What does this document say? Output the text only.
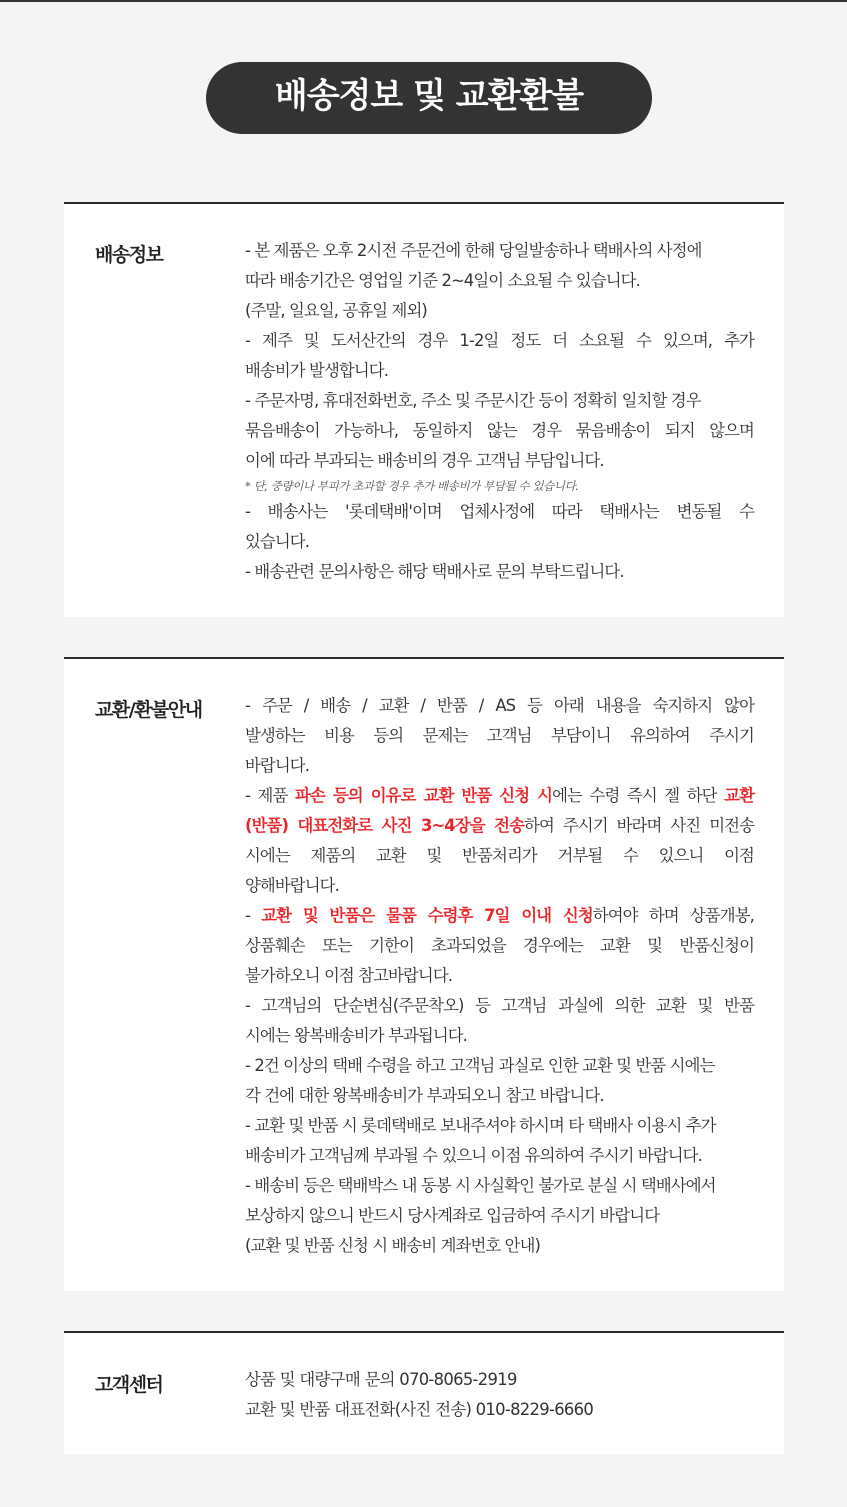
배송정보 및 교환환불
배송정보	- 본 제품은 오후 2시전 주문건에 한해 당일발송하나 택배사의 사정에
따라 배송기간은 영업일 기준 2~4일이 소요될 수 있습니다.
(주말, 일요일, 공휴일 제외)
- 제주 및 도서산간의 경우 1-2일 정도 더 소요될 수 있으며, 추가
배송비가 발생합니다.
- 주문자명, 휴대전화번호, 주소 및 주문시간 등이 정확히 일치할 경우
묶음배송이 가능하나, 동일하지 않는 경우 묶음배송이 되지 않으며
이에 따라 부과되는 배송비의 경우 고객님 부담입니다.
* 단, 중량이나 부피가 초과할 경우 추가 배송비가 부담될 수 있습니다.
- 배송사는 '롯데택배'이며 업체사정에 따라 택배사는 변동될 수
있습니다.
- 배송관련 문의사항은 해당 택배사로 문의 부탁드립니다.
교환/환불안내	- 주문 / 배송 / 교환 / 반품 / AS 등 아래 내용을 숙지하지 않아
발생하는 비용 등의 문제는 고객님 부담이니 유의하여 주시기
바랍니다.
- 제품 파손 등의 이유로 교환 반품 신청 시에는 수령 즉시 젤 하단 교환
(반품) 대표전화로 사진 3~4장을 전송하여 주시기 바라며 사진 미전송
시에는 제품의 교환 및 반품처리가 거부될 수 있으니 이점
양해바랍니다.
- 교환 및 반품은 물품 수령후 7일 이내 신청하여야 하며 상품개봉,
상품훼손 또는 기한이 초과되었을 경우에는 교환 및 반품신청이
불가하오니 이점 참고바랍니다.
- 고객님의 단순변심(주문착오) 등 고객님 과실에 의한 교환 및 반품
시에는 왕복배송비가 부과됩니다.
- 2건 이상의 택배 수령을 하고 고객님 과실로 인한 교환 및 반품 시에는
각 건에 대한 왕복배송비가 부과되오니 참고 바랍니다.
- 교환 및 반품 시 롯데택배로 보내주셔야 하시며 타 택배사 이용시 추가
배송비가 고객님께 부과될 수 있으니 이점 유의하여 주시기 바랍니다.
- 배송비 등은 택배박스 내 동봉 시 사실확인 불가로 분실 시 택배사에서
보상하지 않으니 반드시 당사계좌로 입금하여 주시기 바랍니다
(교환 및 반품 신청 시 배송비 계좌번호 안내)
고객센터	상품 및 대량구매 문의 070-8065-2919
교환 및 반품 대표전화(사진 전송) 010-8229-6660
